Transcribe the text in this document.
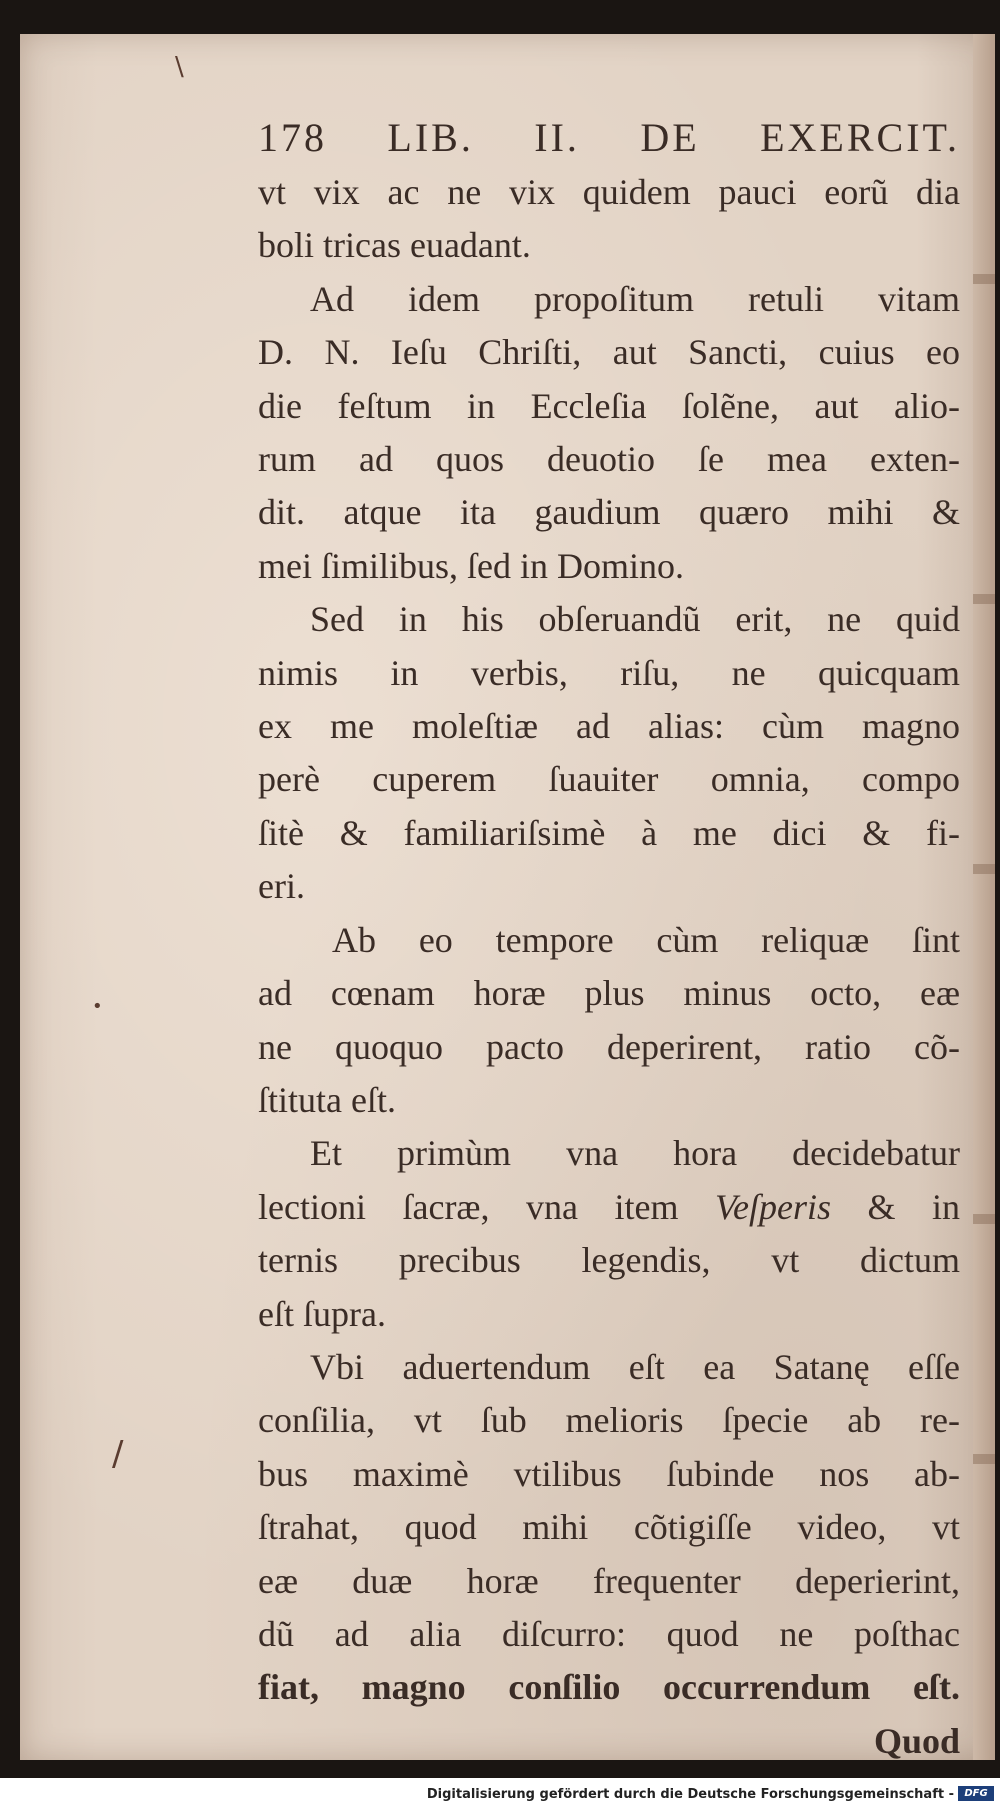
\
•
/
178 LIB. II. DE EXERCIT.
vt vix ac ne vix quidem pauci eorũ dia
boli tricas euadant.
Ad idem propoſitum retuli vitam
D. N. Ieſu Chriſti, aut Sancti, cuius eo
die feſtum in Eccleſia ſolẽne, aut alio-
rum ad quos deuotio ſe mea exten-
dit. atque ita gaudium quæro mihi &
mei ſimilibus, ſed in Domino.
Sed in his obſeruandũ erit, ne quid
nimis in verbis, riſu, ne quicquam
ex me moleſtiæ ad alias: cùm magno
perè cuperem ſuauiter omnia, compo
ſitè & familiariſsimè à me dici & fi-
eri.
Ab eo tempore cùm reliquæ ſint
ad cœnam horæ plus minus octo, eæ
ne quoquo pacto deperirent, ratio cõ-
ſtituta eſt.
Et primùm vna hora decidebatur
lectioni ſacræ, vna item Veſperis & in
ternis precibus legendis, vt dictum
eſt ſupra.
Vbi aduertendum eſt ea Satanę eſſe
conſilia, vt ſub melioris ſpecie ab re-
bus maximè vtilibus ſubinde nos ab-
ſtrahat, quod mihi cõtigiſſe video, vt
eæ duæ horæ frequenter deperierint,
dũ ad alia diſcurro: quod ne poſthac
fiat, magno conſilio occurrendum eſt.
Quod
Digitalisierung gefördert durch die Deutsche Forschungsgemeinschaft -	DFG
